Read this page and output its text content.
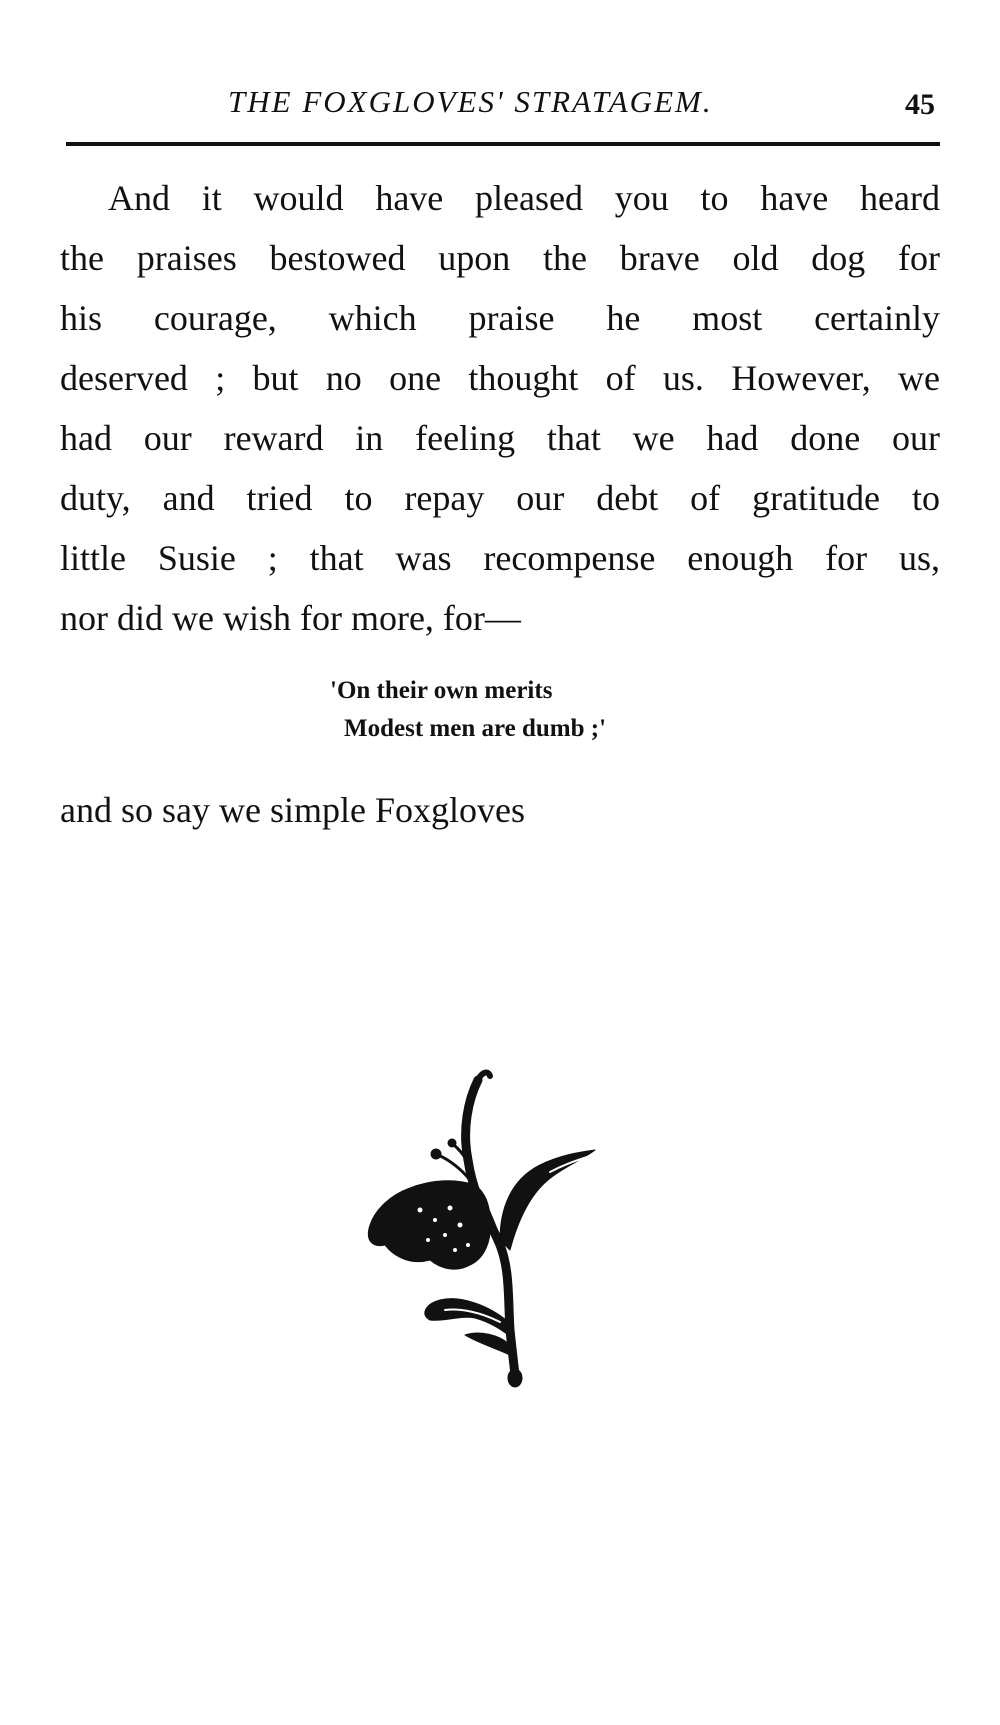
THE FOXGLOVES' STRATAGEM.	45
And it would have pleased you to have heard
the praises bestowed upon the brave old dog for
his courage, which praise he most certainly
deserved ; but no one thought of us. However, we
had our reward in feeling that we had done our
duty, and tried to repay our debt of gratitude to
little Susie ; that was recompense enough for us,
nor did we wish for more, for—
'On their own merits
Modest men are dumb ;'
and so say we simple Foxgloves
